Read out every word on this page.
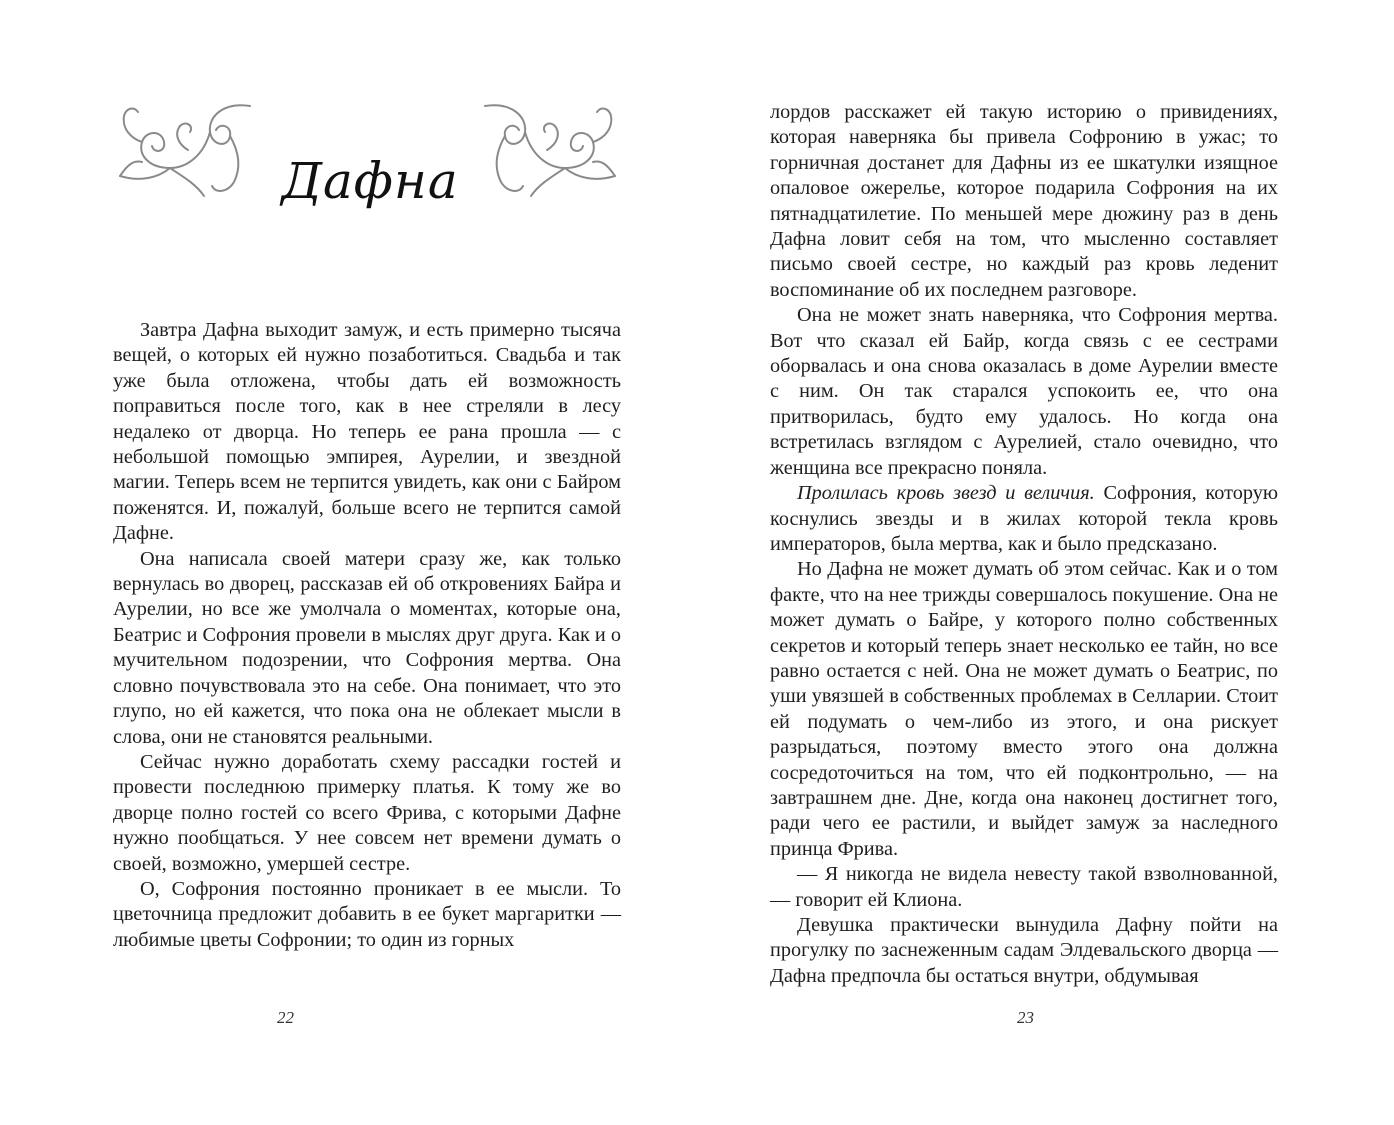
Дафна

Завтра Дафна выходит замуж, и есть примерно тысяча вещей, о которых ей нужно позаботиться. Свадьба и так уже была отложена, чтобы дать ей возможность поправиться после того, как в нее стреляли в лесу недалеко от дворца. Но теперь ее рана прошла — с небольшой помощью эмпирея, Аурелии, и звездной магии. Теперь всем не терпится увидеть, как они с Байром поженятся. И, пожалуй, больше всего не терпится самой Дафне.

Она написала своей матери сразу же, как только вернулась во дворец, рассказав ей об откровениях Байра и Аурелии, но все же умолчала о моментах, которые она, Беатрис и Софрония провели в мыслях друг друга. Как и о мучительном подозрении, что Софрония мертва. Она словно почувствовала это на себе. Она понимает, что это глупо, но ей кажется, что пока она не облекает мысли в слова, они не становятся реальными.

Сейчас нужно доработать схему рассадки гостей и провести последнюю примерку платья. К тому же во дворце полно гостей со всего Фрива, с которыми Дафне нужно пообщаться. У нее совсем нет времени думать о своей, возможно, умершей сестре.

О, Софрония постоянно проникает в ее мысли. То цветочница предложит добавить в ее букет маргаритки — любимые цветы Софронии; то один из горных

22

лордов расскажет ей такую историю о привидениях, которая наверняка бы привела Софронию в ужас; то горничная достанет для Дафны из ее шкатулки изящное опаловое ожерелье, которое подарила Софрония на их пятнадцатилетие. По меньшей мере дюжину раз в день Дафна ловит себя на том, что мысленно составляет письмо своей сестре, но каждый раз кровь леденит воспоминание об их последнем разговоре.

Она не может знать наверняка, что Софрония мертва. Вот что сказал ей Байр, когда связь с ее сестрами оборвалась и она снова оказалась в доме Аурелии вместе с ним. Он так старался успокоить ее, что она притворилась, будто ему удалось. Но когда она встретилась взглядом с Аурелией, стало очевидно, что женщина все прекрасно поняла.

Пролилась кровь звезд и величия. Софрония, которую коснулись звезды и в жилах которой текла кровь императоров, была мертва, как и было предсказано.

Но Дафна не может думать об этом сейчас. Как и о том факте, что на нее трижды совершалось покушение. Она не может думать о Байре, у которого полно собственных секретов и который теперь знает несколько ее тайн, но все равно остается с ней. Она не может думать о Беатрис, по уши увязшей в собственных проблемах в Селларии. Стоит ей подумать о чем-либо из этого, и она рискует разрыдаться, поэтому вместо этого она должна сосредоточиться на том, что ей подконтрольно, — на завтрашнем дне. Дне, когда она наконец достигнет того, ради чего ее растили, и выйдет замуж за наследного принца Фрива.

— Я никогда не видела невесту такой взволнованной, — говорит ей Клиона.

Девушка практически вынудила Дафну пойти на прогулку по заснеженным садам Элдевальского дворца — Дафна предпочла бы остаться внутри, обдумывая

23
